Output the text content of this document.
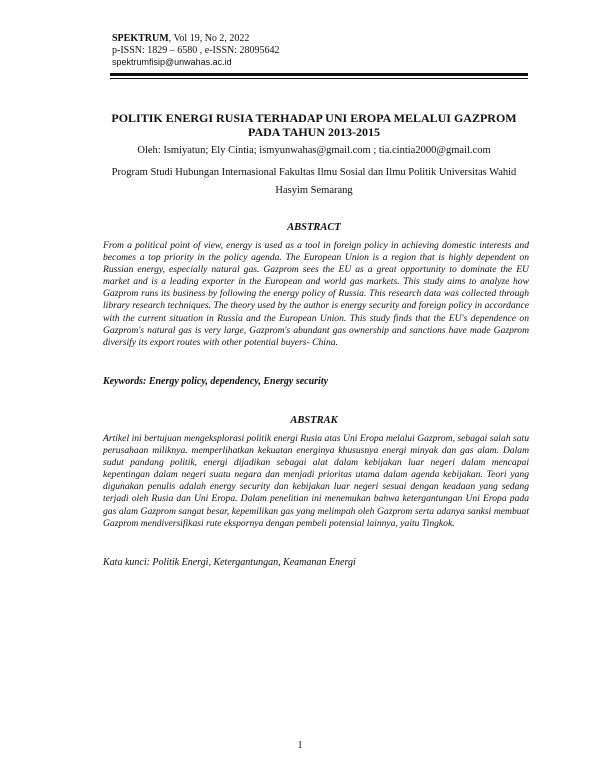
SPEKTRUM, Vol 19, No 2, 2022
p-ISSN: 1829 – 6580 , e-ISSN: 28095642
spektrumfisip@unwahas.ac.id
POLITIK ENERGI RUSIA TERHADAP UNI EROPA MELALUI GAZPROM
PADA TAHUN 2013-2015
Oleh: Ismiyatun; Ely Cintia; ismyunwahas@gmail.com ; tia.cintia2000@gmail.com
Program Studi Hubungan Internasional Fakultas Ilmu Sosial dan Ilmu Politik Universitas Wahid
Hasyim Semarang
ABSTRACT
From a political point of view, energy is used as a tool in foreign policy in achieving domestic interests and becomes a top priority in the policy agenda. The European Union is a region that is highly dependent on Russian energy, especially natural gas. Gazprom sees the EU as a great opportunity to dominate the EU market and is a leading exporter in the European and world gas markets. This study aims to analyze how Gazprom runs its business by following the energy policy of Russia. This research data was collected through library research techniques. The theory used by the author is energy security and foreign policy in accordance with the current situation in Russia and the European Union. This study finds that the EU's dependence on Gazprom's natural gas is very large, Gazprom's abundant gas ownership and sanctions have made Gazprom diversify its export routes with other potential buyers- China.
Keywords: Energy policy, dependency, Energy security
ABSTRAK
Artikel ini bertujuan mengeksplorasi politik energi Rusia atas Uni Eropa melalui Gazprom, sebagai salah satu perusahaan miliknya. memperlihatkan kekuatan energinya khususnya energi minyak dan gas alam. Dalam sudut pandang politik, energi dijadikan sebagai alat dalam kebijakan luar negeri dalam mencapai kepentingan dalam negeri suatu negara dan menjadi prioritas utama dalam agenda kebijakan. Teori yang digunakan penulis adalah energy security dan kebijakan luar negeri sesuai dengan keadaan yang sedang terjadi oleh Rusia dan Uni Eropa. Dalam penelitian ini menemukan bahwa ketergantungan Uni Eropa pada gas alam Gazprom sangat besar, kepemilikan gas yang melimpah oleh Gazprom serta adanya sanksi membuat Gazprom mendiversifikasi rute ekspornya dengan pembeli potensial lainnya, yaitu Tingkok.
Kata kunci: Politik Energi, Ketergantungan, Keamanan Energi
1
